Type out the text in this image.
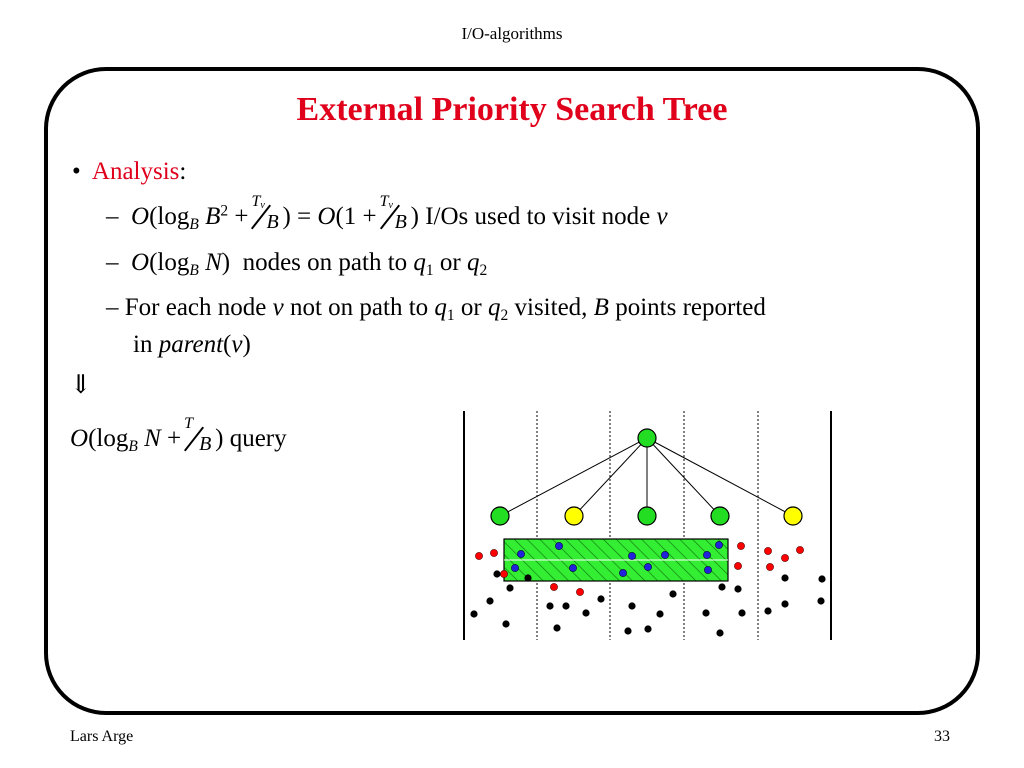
I/O-algorithms
External Priority Search Tree
• Analysis:
– $O(\log_B$ $B^2$ +
$T_v$
B ) = O(1 +
$T_v$
B ) I/Os used to visit node v
– $O(\log_B$ N) nodes on path to $q_1$ or $q_2$
– For each node v not on path to $q_1$ or $q_2$ visited, B points reported
in parent(v)
⇓
$O(\log_B$ N +
T
B ) query
Lars Arge	33
